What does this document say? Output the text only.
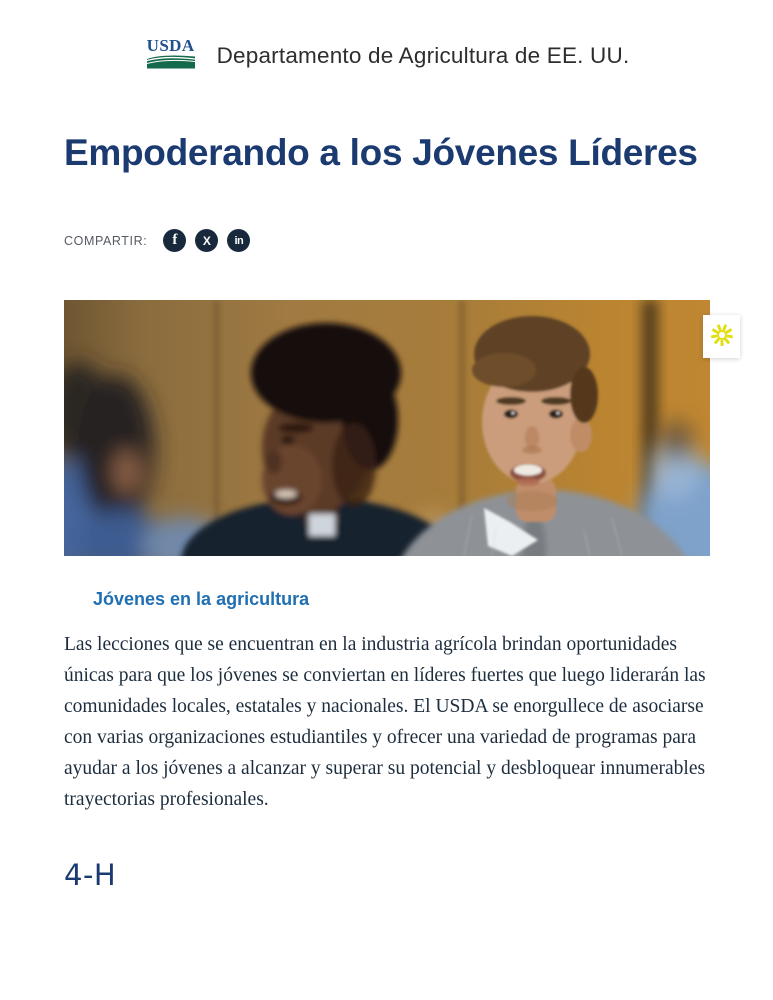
USDA Departamento de Agricultura de EE. UU.
Empoderando a los Jóvenes Líderes
COMPARTIR: f X in
Jóvenes en la agricultura

Las lecciones que se encuentran en la industria agrícola brindan oportunidades únicas para que los jóvenes se conviertan en líderes fuertes que luego liderarán las comunidades locales, estatales y nacionales. El USDA se enorgullece de asociarse con varias organizaciones estudiantiles y ofrecer una variedad de programas para ayudar a los jóvenes a alcanzar y superar su potencial y desbloquear innumerables trayectorias profesionales.

4-H
